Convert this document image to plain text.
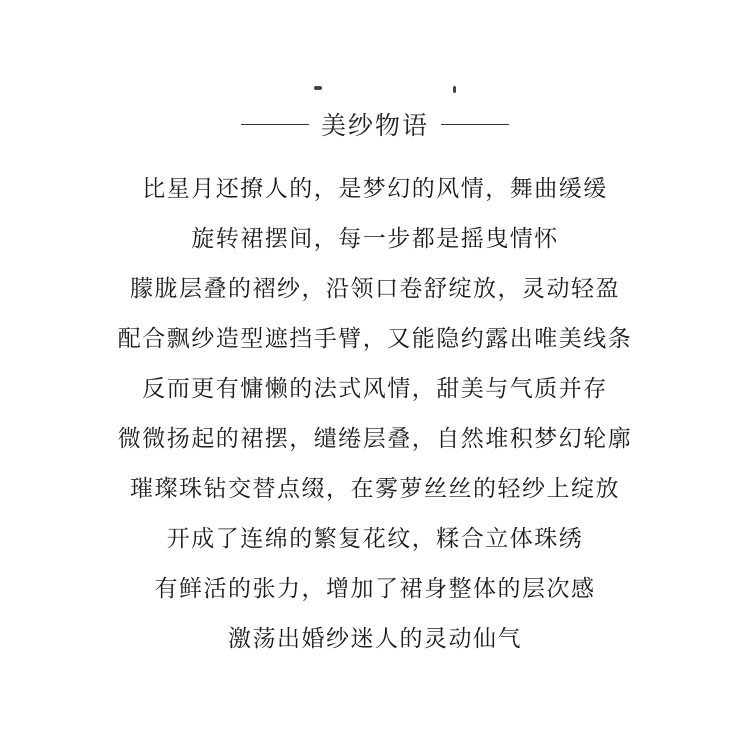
美纱物语
比星月还撩人的，是梦幻的风情，舞曲缓缓
旋转裙摆间，每一步都是摇曳情怀
朦胧层叠的褶纱，沿领口卷舒绽放，灵动轻盈
配合飘纱造型遮挡手臂，又能隐约露出唯美线条
反而更有慵懒的法式风情，甜美与气质并存
微微扬起的裙摆，缱绻层叠，自然堆积梦幻轮廓
璀璨珠钻交替点缀，在雾萝丝丝的轻纱上绽放
开成了连绵的繁复花纹，糅合立体珠绣
有鲜活的张力，增加了裙身整体的层次感
激荡出婚纱迷人的灵动仙气
